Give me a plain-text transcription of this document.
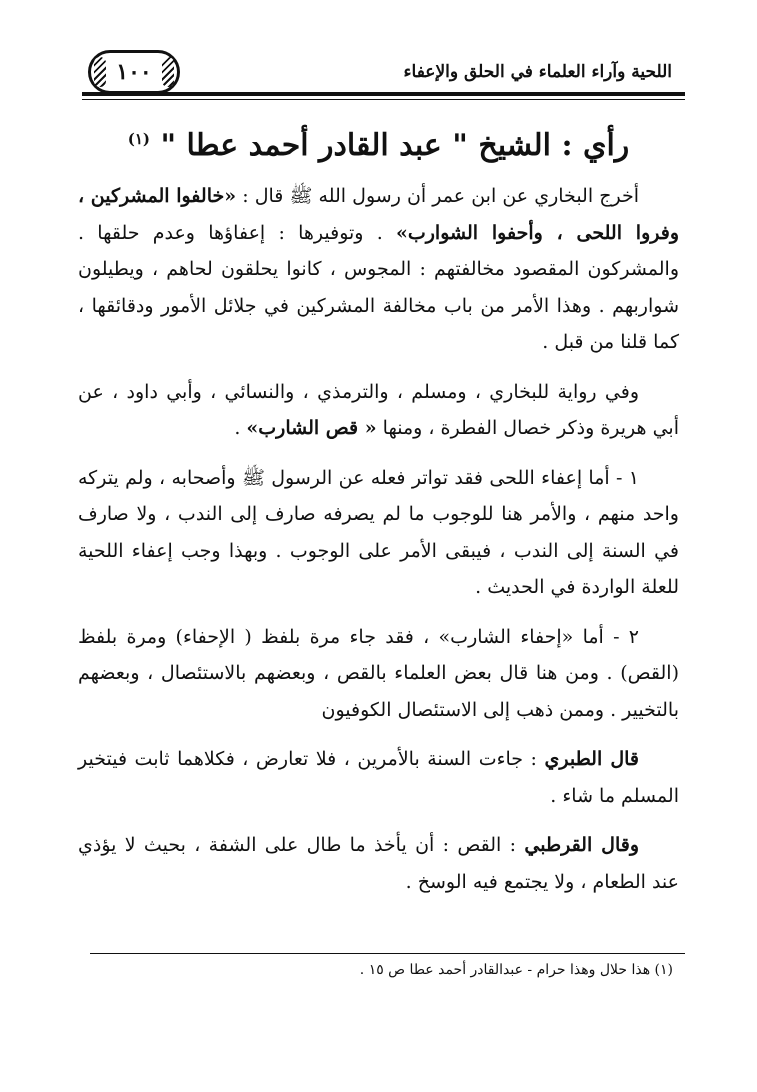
اللحية وآراء العلماء في الحلق والإعفاء
١٠٠
رأي : الشيخ " عبد القادر أحمد عطا " $^{(١)}$

أخرج البخاري عن ابن عمر أن رسول الله ﷺ قال : «خالفوا المشركين ، وفروا اللحى ، وأحفوا الشوارب» . وتوفيرها : إعفاؤها وعدم حلقها . والمشركون المقصود مخالفتهم : المجوس ، كانوا يحلقون لحاهم ، ويطيلون شواربهم . وهذا الأمر من باب مخالفة المشركين في جلائل الأمور ودقائقها ، كما قلنا من قبل .

وفي رواية للبخاري ، ومسلم ، والترمذي ، والنسائي ، وأبي داود ، عن أبي هريرة وذكر خصال الفطرة ، ومنها « قص الشارب» .

١ - أما إعفاء اللحى فقد تواتر فعله عن الرسول ﷺ وأصحابه ، ولم يتركه واحد منهم ، والأمر هنا للوجوب ما لم يصرفه صارف إلى الندب ، ولا صارف في السنة إلى الندب ، فيبقى الأمر على الوجوب . وبهذا وجب إعفاء اللحية للعلة الواردة في الحديث .

٢ - أما «إحفاء الشارب» ، فقد جاء مرة بلفظ ( الإحفاء) ومرة بلفظ (القص) . ومن هنا قال بعض العلماء بالقص ، وبعضهم بالاستئصال ، وبعضهم بالتخيير . وممن ذهب إلى الاستئصال الكوفيون

قال الطبري : جاءت السنة بالأمرين ، فلا تعارض ، فكلاهما ثابت فيتخير المسلم ما شاء .

وقال القرطبي : القص : أن يأخذ ما طال على الشفة ، بحيث لا يؤذي عند الطعام ، ولا يجتمع فيه الوسخ .

(١) هذا حلال وهذا حرام - عبدالقادر أحمد عطا ص ١٥ .
